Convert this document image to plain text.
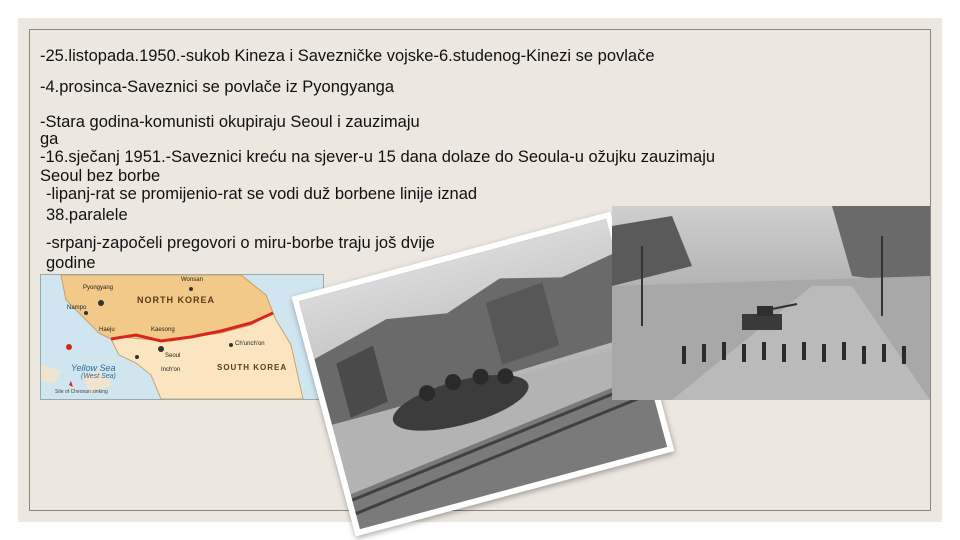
-25.listopada.1950.-sukob Kineza i Savezničke vojske-6.studenog-Kinezi se povlače
-4.prosinca-Saveznici se povlače iz Pyongyanga
-Stara godina-komunisti okupiraju Seoul i zauzimaju
ga
-16.sječanj 1951.-Saveznici kreću na sjever-u 15 dana dolaze do Seoula-u ožujku zauzimaju
Seoul bez borbe
-lipanj-rat se promijenio-rat se vodi duž borbene linije iznad
38.paralele
-srpanj-započeli pregovori o miru-borbe traju još dvije
godine
NORTH KOREA
SOUTH KOREA
Yellow Sea
(West Sea)
Pyongyang
Wonsan
Nampo
Kaesong
Haeju
Seoul
Ch'unch'on
Inch'on
Site of Cheonan sinking
